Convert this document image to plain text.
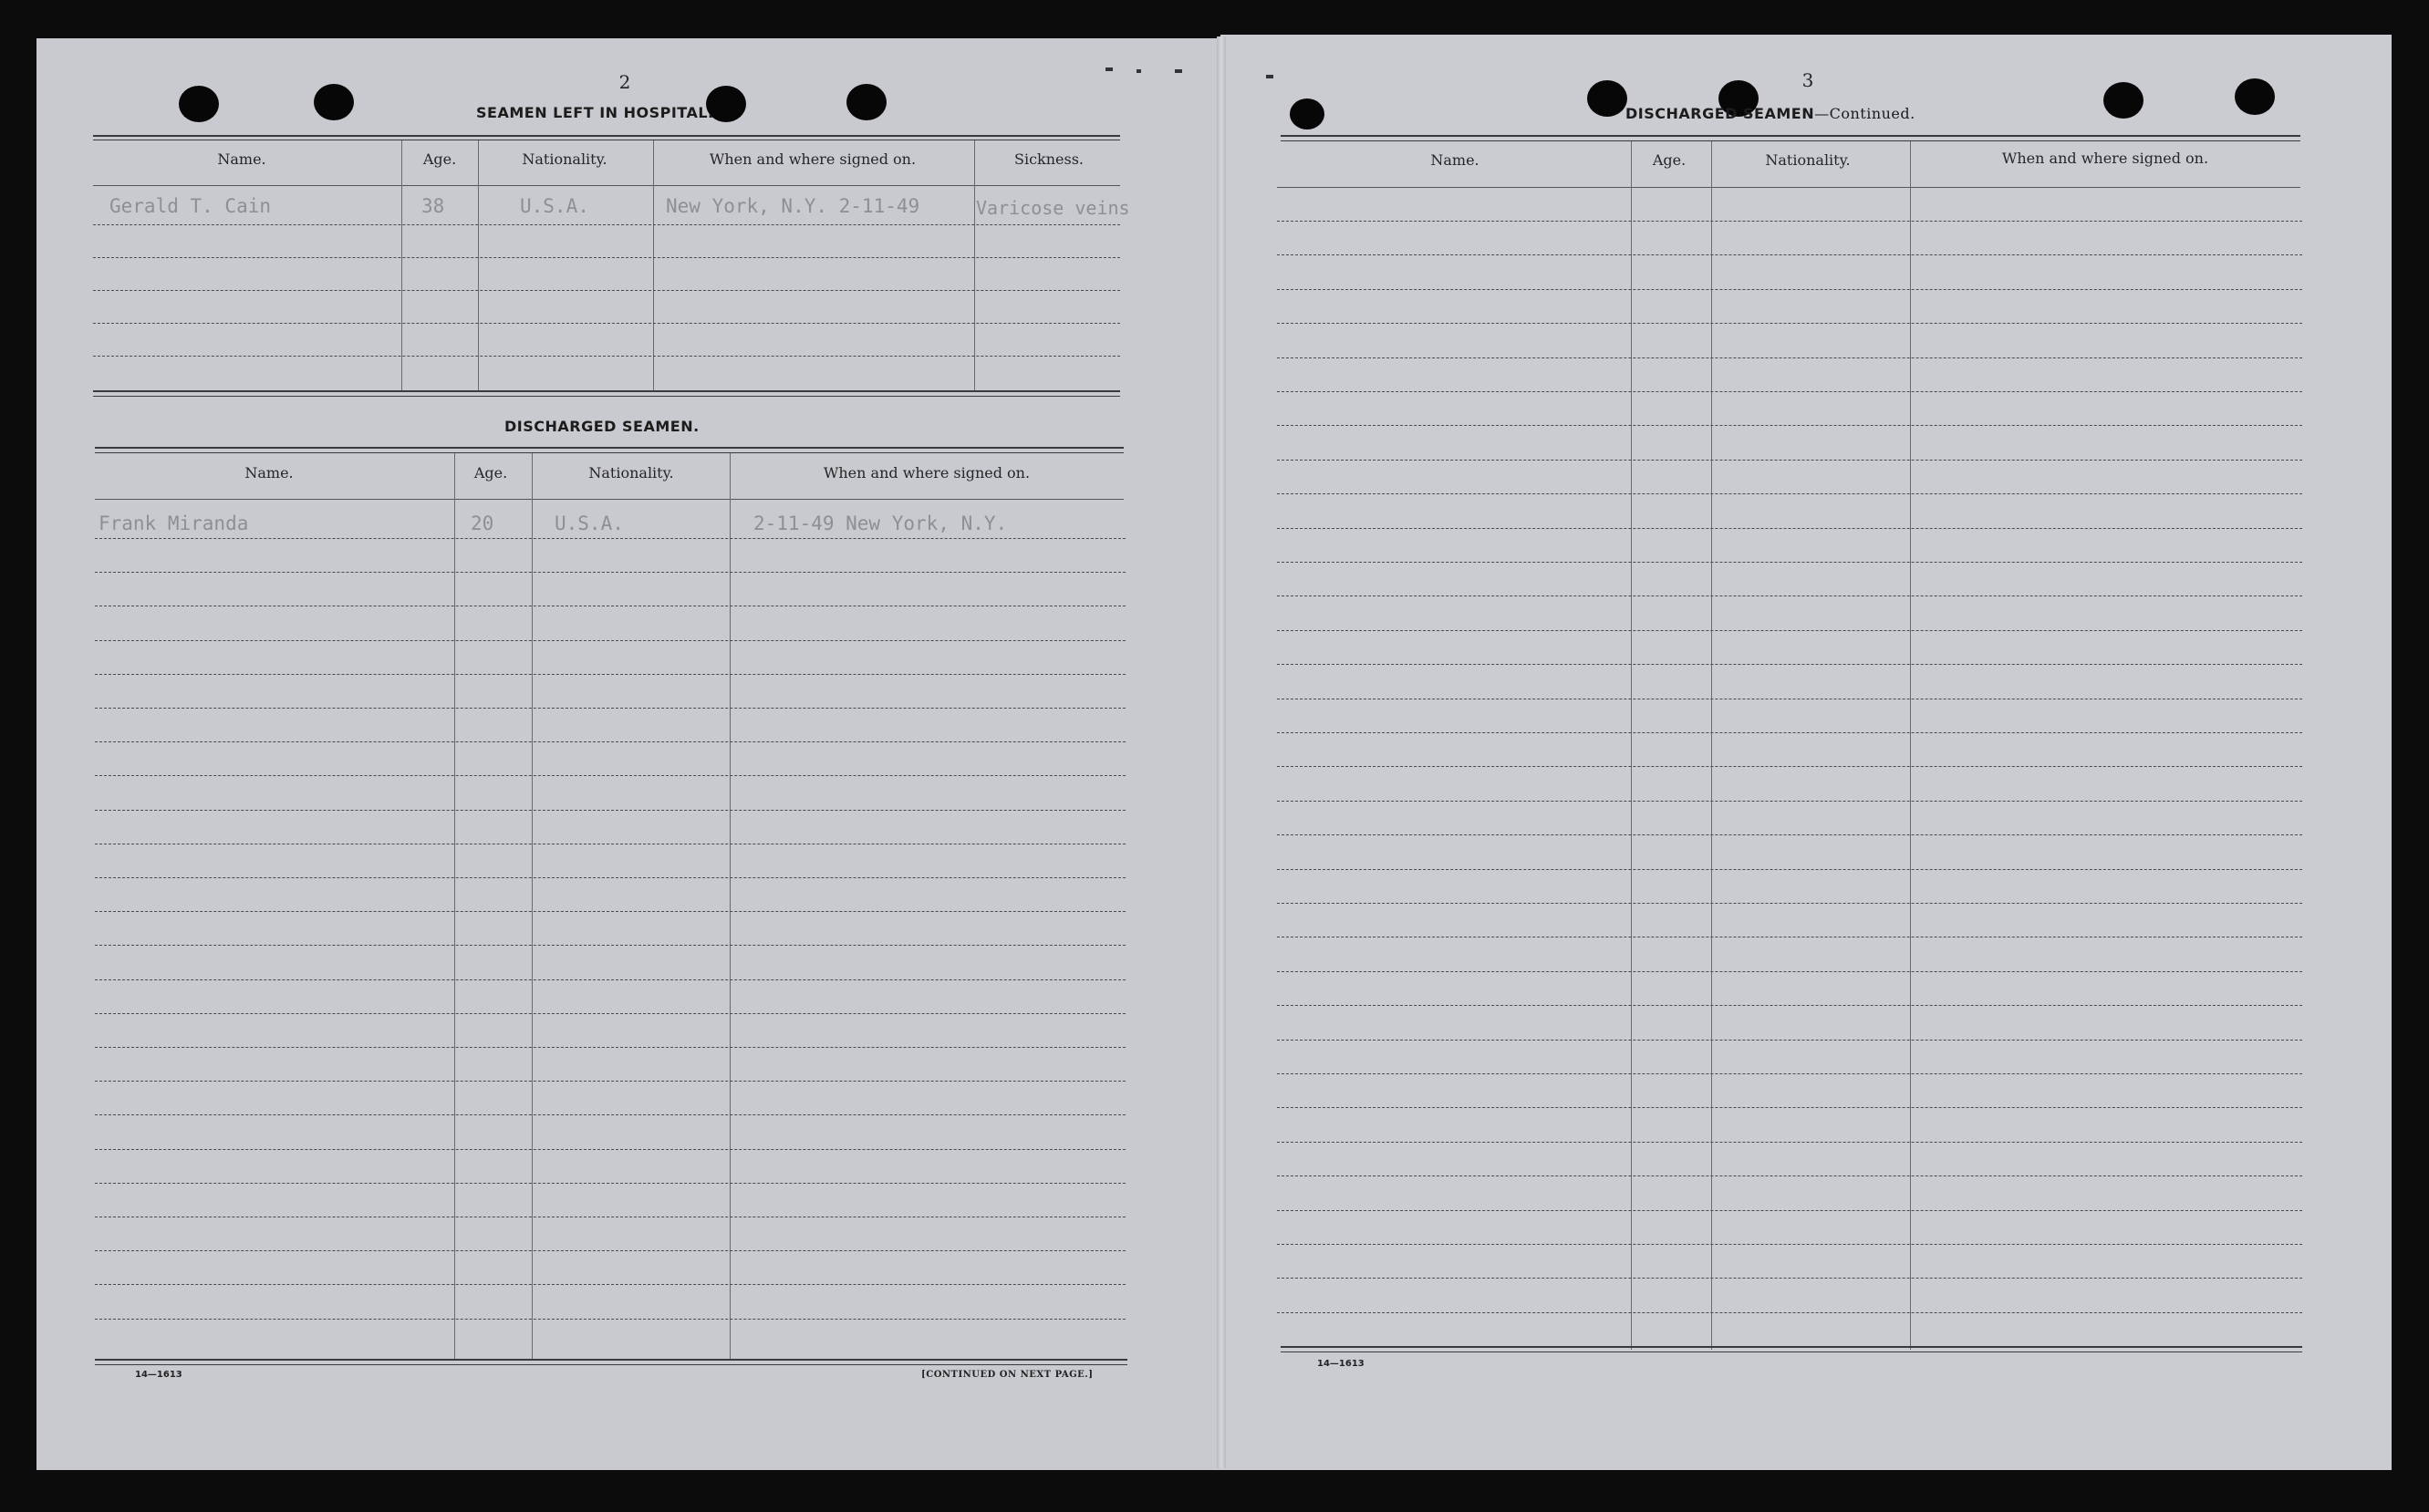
2
SEAMEN LEFT IN HOSPITAL.
Name.	Age.	Nationality.	When and where signed on.	Sickness.
Gerald T. Cain	38	U.S.A.	New York, N.Y. 2-11-49	Varicose veins
DISCHARGED SEAMEN.
Name.	Age.	Nationality.	When and where signed on.
Frank Miranda	20	U.S.A.	2-11-49 New York, N.Y.
14—1613	[CONTINUED ON NEXT PAGE.]
3
DISCHARGED SEAMEN—Continued.
Name.	Age.	Nationality.	When and where signed on.
14—1613
